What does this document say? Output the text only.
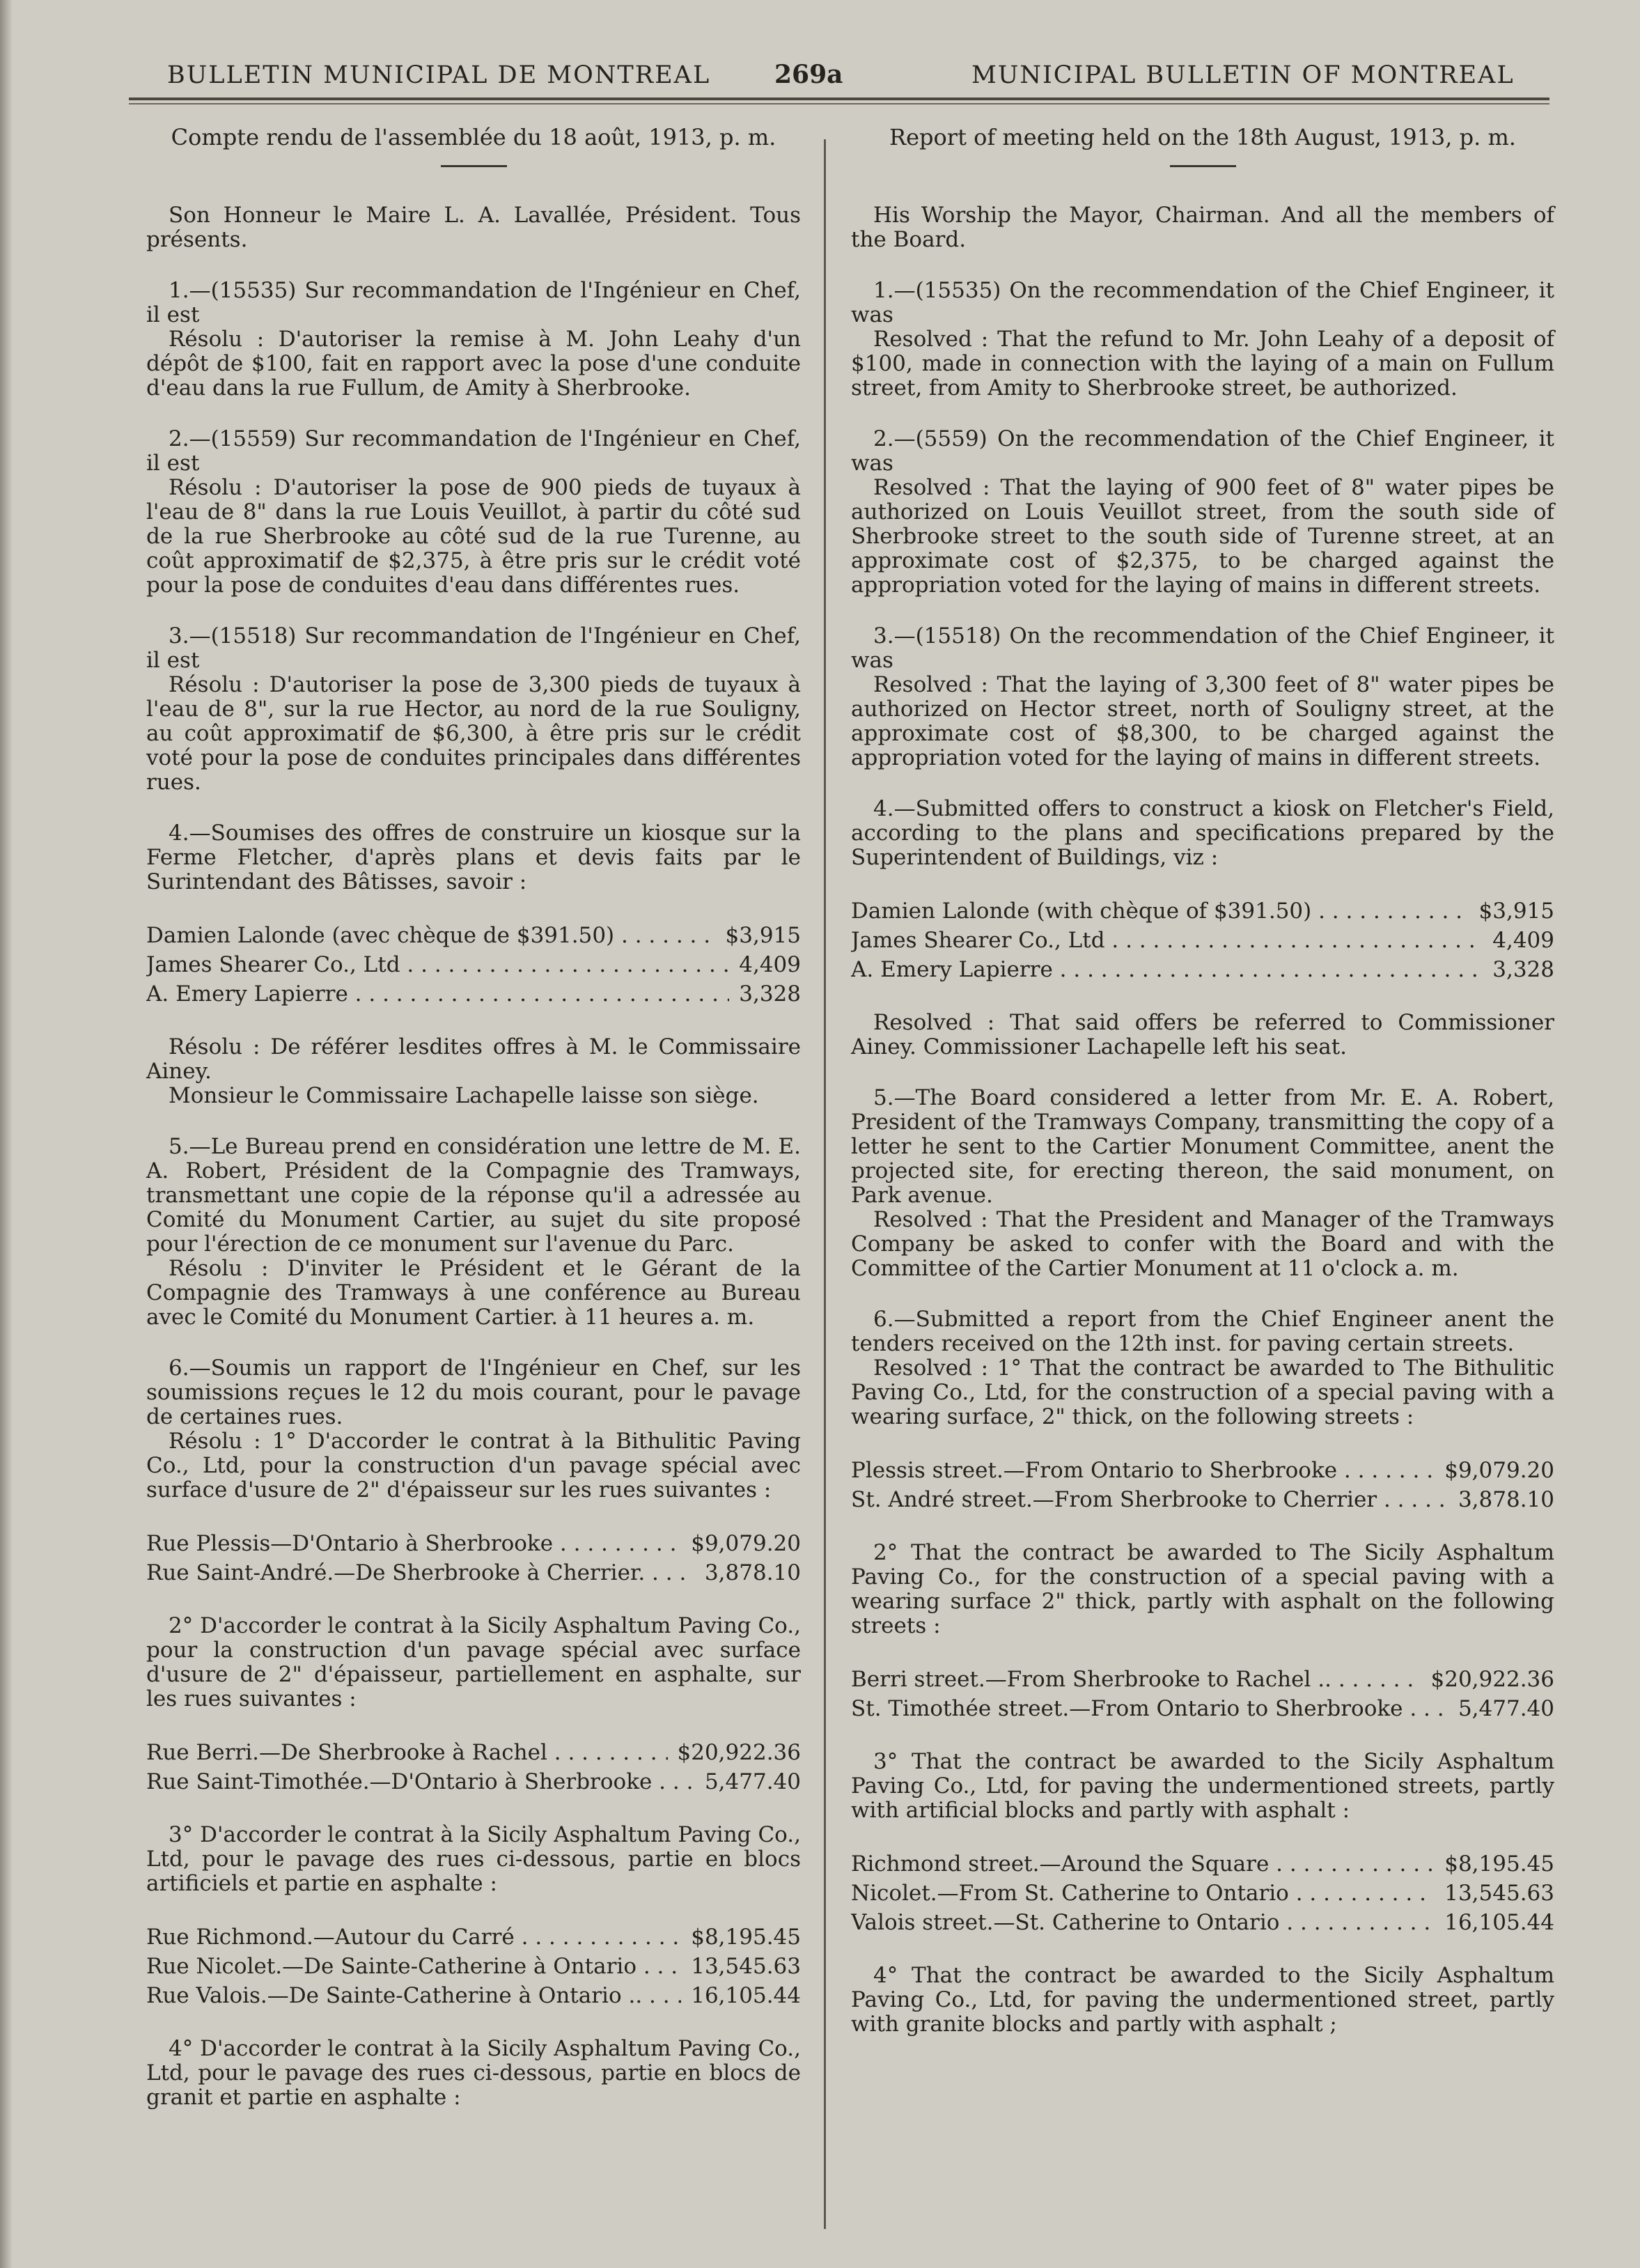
BULLETIN MUNICIPAL DE MONTREAL	269a	MUNICIPAL BULLETIN OF MONTREAL

Compte rendu de l'assemblée du 18 août, 1913, p. m.

Son Honneur le Maire L. A. Lavallée, Président. Tous présents.

1.—(15535) Sur recommandation de l'Ingénieur en Chef, il est

Résolu : D'autoriser la remise à M. John Leahy d'un dépôt de $100, fait en rapport avec la pose d'une conduite d'eau dans la rue Fullum, de Amity à Sherbrooke.

2.—(15559) Sur recommandation de l'Ingénieur en Chef, il est

Résolu : D'autoriser la pose de 900 pieds de tuyaux à l'eau de 8" dans la rue Louis Veuillot, à partir du côté sud de la rue Sherbrooke au côté sud de la rue Turenne, au coût approximatif de $2,375, à être pris sur le crédit voté pour la pose de conduites d'eau dans différentes rues.

3.—(15518) Sur recommandation de l'Ingénieur en Chef, il est

Résolu : D'autoriser la pose de 3,300 pieds de tuyaux à l'eau de 8", sur la rue Hector, au nord de la rue Souligny, au coût approximatif de $6,300, à être pris sur le crédit voté pour la pose de conduites principales dans différentes rues.

4.—Soumises des offres de construire un kiosque sur la Ferme Fletcher, d'après plans et devis faits par le Surintendant des Bâtisses, savoir :

Damien Lalonde (avec chèque de $391.50) . . .	$3,915
James Shearer Co., Ltd . . .	4,409
A. Emery Lapierre . . .	3,328

Résolu : De référer lesdites offres à M. le Commissaire Ainey.

Monsieur le Commissaire Lachapelle laisse son siège.

5.—Le Bureau prend en considération une lettre de M. E. A. Robert, Président de la Compagnie des Tramways, transmettant une copie de la réponse qu'il a adressée au Comité du Monument Cartier, au sujet du site proposé pour l'érection de ce monument sur l'avenue du Parc.

Résolu : D'inviter le Président et le Gérant de la Compagnie des Tramways à une conférence au Bureau avec le Comité du Monument Cartier. à 11 heures a. m.

6.—Soumis un rapport de l'Ingénieur en Chef, sur les soumissions reçues le 12 du mois courant, pour le pavage de certaines rues.

Résolu : 1° D'accorder le contrat à la Bithulitic Paving Co., Ltd, pour la construction d'un pavage spécial avec surface d'usure de 2" d'épaisseur sur les rues suivantes :

Rue Plessis—D'Ontario à Sherbrooke . . .	$9,079.20
Rue Saint-André.—De Sherbrooke à Cherrier. . . .	3,878.10

2° D'accorder le contrat à la Sicily Asphaltum Paving Co., pour la construction d'un pavage spécial avec surface d'usure de 2" d'épaisseur, partiellement en asphalte, sur les rues suivantes :

Rue Berri.—De Sherbrooke à Rachel . . .	$20,922.36
Rue Saint-Timothée.—D'Ontario à Sherbrooke . . .	5,477.40

3° D'accorder le contrat à la Sicily Asphaltum Paving Co., Ltd, pour le pavage des rues ci-dessous, partie en blocs artificiels et partie en asphalte :

Rue Richmond.—Autour du Carré . . .	$8,195.45
Rue Nicolet.—De Sainte-Catherine à Ontario . . . .	13,545.63
Rue Valois.—De Sainte-Catherine à Ontario .. . . .	16,105.44

4° D'accorder le contrat à la Sicily Asphaltum Paving Co., Ltd, pour le pavage des rues ci-dessous, partie en blocs de granit et partie en asphalte :

Report of meeting held on the 18th August, 1913, p. m.

His Worship the Mayor, Chairman. And all the members of the Board.

1.—(15535) On the recommendation of the Chief Engineer, it was

Resolved : That the refund to Mr. John Leahy of a deposit of $100, made in connection with the laying of a main on Fullum street, from Amity to Sherbrooke street, be authorized.

2.—(5559) On the recommendation of the Chief Engineer, it was

Resolved : That the laying of 900 feet of 8" water pipes be authorized on Louis Veuillot street, from the south side of Sherbrooke street to the south side of Turenne street, at an approximate cost of $2,375, to be charged against the appropriation voted for the laying of mains in different streets.

3.—(15518) On the recommendation of the Chief Engineer, it was

Resolved : That the laying of 3,300 feet of 8" water pipes be authorized on Hector street, north of Souligny street, at the approximate cost of $8,300, to be charged against the appropriation voted for the laying of mains in different streets.

4.—Submitted offers to construct a kiosk on Fletcher's Field, according to the plans and specifications prepared by the Superintendent of Buildings, viz :

Damien Lalonde (with chèque of $391.50) . . .	$3,915
James Shearer Co., Ltd . . .	4,409
A. Emery Lapierre . . .	3,328

Resolved : That said offers be referred to Commissioner Ainey. Commissioner Lachapelle left his seat.

5.—The Board considered a letter from Mr. E. A. Robert, President of the Tramways Company, transmitting the copy of a letter he sent to the Cartier Monument Committee, anent the projected site, for erecting thereon, the said monument, on Park avenue.

Resolved : That the President and Manager of the Tramways Company be asked to confer with the Board and with the Committee of the Cartier Monument at 11 o'clock a. m.

6.—Submitted a report from the Chief Engineer anent the tenders received on the 12th inst. for paving certain streets.

Resolved : 1° That the contract be awarded to The Bithulitic Paving Co., Ltd, for the construction of a special paving with a wearing surface, 2" thick, on the following streets :

Plessis street.—From Ontario to Sherbrooke . . . .	$9,079.20
St. André street.—From Sherbrooke to Cherrier . . .	3,878.10

2° That the contract be awarded to The Sicily Asphaltum Paving Co., for the construction of a special paving with a wearing surface 2" thick, partly with asphalt on the following streets :

Berri street.—From Sherbrooke to Rachel .. . . .	$20,922.36
St. Timothée street.—From Ontario to Sherbrooke . . .	5,477.40

3° That the contract be awarded to the Sicily Asphaltum Paving Co., Ltd, for paving the undermentioned streets, partly with artificial blocks and partly with asphalt :

Richmond street.—Around the Square . . .	$8,195.45
Nicolet.—From St. Catherine to Ontario . . .	13,545.63
Valois street.—St. Catherine to Ontario . . .	16,105.44

4° That the contract be awarded to the Sicily Asphaltum Paving Co., Ltd, for paving the undermentioned street, partly with granite blocks and partly with asphalt ;
